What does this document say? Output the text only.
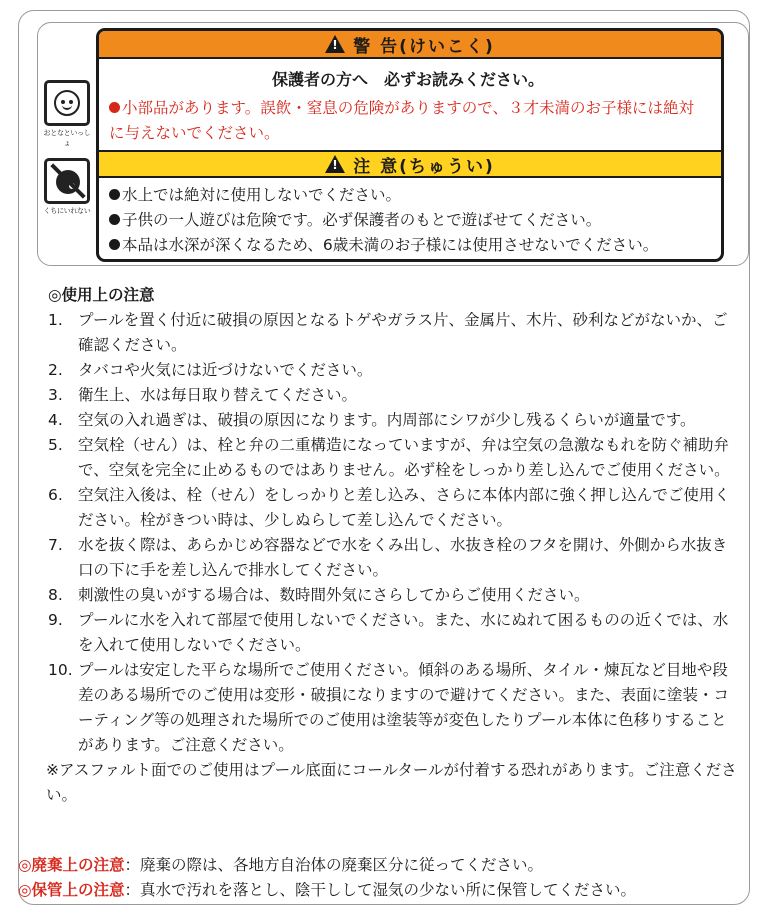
おとなといっしょ
くちにいれない
!
警 告(けいこく)
保護者の方へ　必ずお読みください。
小部品があります。誤飲・窒息の危険がありますので、３才未満のお子様には絶対に与えないでください。
!
注 意(ちゅうい)
水上では絶対に使用しないでください。
子供の一人遊びは危険です。必ず保護者のもとで遊ばせてください。
本品は水深が深くなるため、6歳未満のお子様には使用させないでください。
◎使用上の注意
1. プールを置く付近に破損の原因となるトゲやガラス片、金属片、木片、砂利などがないか、ご確認ください。
2. タバコや火気には近づけないでください。
3. 衛生上、水は毎日取り替えてください。
4. 空気の入れ過ぎは、破損の原因になります。内周部にシワが少し残るくらいが適量です。
5. 空気栓（せん）は、栓と弁の二重構造になっていますが、弁は空気の急激なもれを防ぐ補助弁で、空気を完全に止めるものではありません。必ず栓をしっかり差し込んでご使用ください。
6. 空気注入後は、栓（せん）をしっかりと差し込み、さらに本体内部に強く押し込んでご使用ください。栓がきつい時は、少しぬらして差し込んでください。
7. 水を抜く際は、あらかじめ容器などで水をくみ出し、水抜き栓のフタを開け、外側から水抜き口の下に手を差し込んで排水してください。
8. 刺激性の臭いがする場合は、数時間外気にさらしてからご使用ください。
9. プールに水を入れて部屋で使用しないでください。また、水にぬれて困るものの近くでは、水を入れて使用しないでください。
10. プールは安定した平らな場所でご使用ください。傾斜のある場所、タイル・煉瓦など目地や段差のある場所でのご使用は変形・破損になりますので避けてください。また、表面に塗装・コーティング等の処理された場所でのご使用は塗装等が変色したりプール本体に色移りすることがあります。ご注意ください。
※アスファルト面でのご使用はプール底面にコールタールが付着する恐れがあります。ご注意ください。
◎廃棄上の注意：廃棄の際は、各地方自治体の廃棄区分に従ってください。
◎保管上の注意：真水で汚れを落とし、陰干しして湿気の少ない所に保管してください。
